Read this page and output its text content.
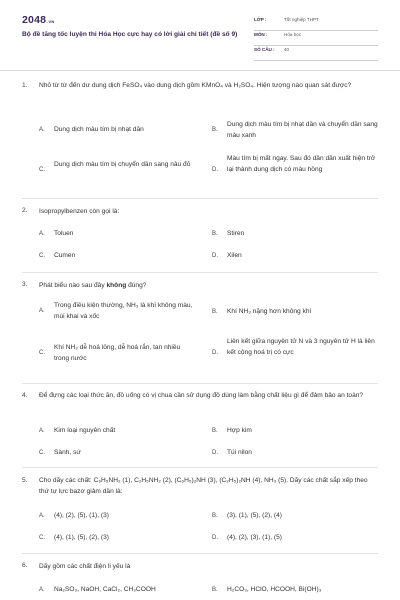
2048.VN
Bộ đề tăng tốc luyện thi Hóa Học cực hay có lời giải chi tiết (đề số 9)
LỚP :	Tốt nghiệp THPT
MÔN :	Hóa học
SỐ CÂU : 40
1. Nhỏ từ từ đến dư dung dịch FeSO₄ vào dung dịch gồm KMnO₄ và H₂SO₄. Hiện tượng nào quan sát được?
A. Dung dịch màu tím bị nhạt dần	B.
Dung dịch màu tím bị nhạt dần và chuyển dần sang màu xanh
C.
Dung dịch màu tím bị chuyển dần sang nâu đỏ
D.
Màu tím bị mất ngay. Sau đó dần dần xuất hiện trở lại thành dung dịch có màu hồng
2. Isopropylbenzen còn gọi là:
A. Toluen	B. Stiren
C. Cumen	D. Xilen
3. Phát biểu nào sau đây không đúng?
A.
Trong điều kiện thường, NH₃ là khí không màu, mùi khai và xốc
B. Khí NH₃ nặng hơn không khí
C.
Khí NH₃ dễ hoá lỏng, dễ hoá rắn, tan nhiều trong nước
D.
Liên kết giữa nguyên tử N và 3 nguyên tử H là liên kết cộng hoá trị có cực
4. Để đựng các loại thức ăn, đồ uống có vị chua cần sử dụng đồ dùng làm bằng chất liệu gì để đảm bảo an toàn?
A. Kim loại nguyên chất	B. Hợp kim
C. Sành, sứ	D. Túi nilon
5. Cho dãy các chất: C₆H₅NH₂ (1), C₂H₅NH₂ (2), (C₆H₅)₂NH (3), (C₂H₅)₂NH (4), NH₃ (5). Dãy các chất sắp xếp theo thứ tự lực bazơ giảm dần là:
A. (4), (2), (5), (1), (3)	B. (3), (1), (5), (2), (4)
C. (4), (1), (5), (2), (3)	D. (4), (2), (3), (1), (5)
6. Dãy gồm các chất điện li yếu là
A. Na₂SO₃, NaOH, CaCl₂, CH₃COOH	B. H₂CO₃, HClO, HCOOH, Bi(OH)₃
